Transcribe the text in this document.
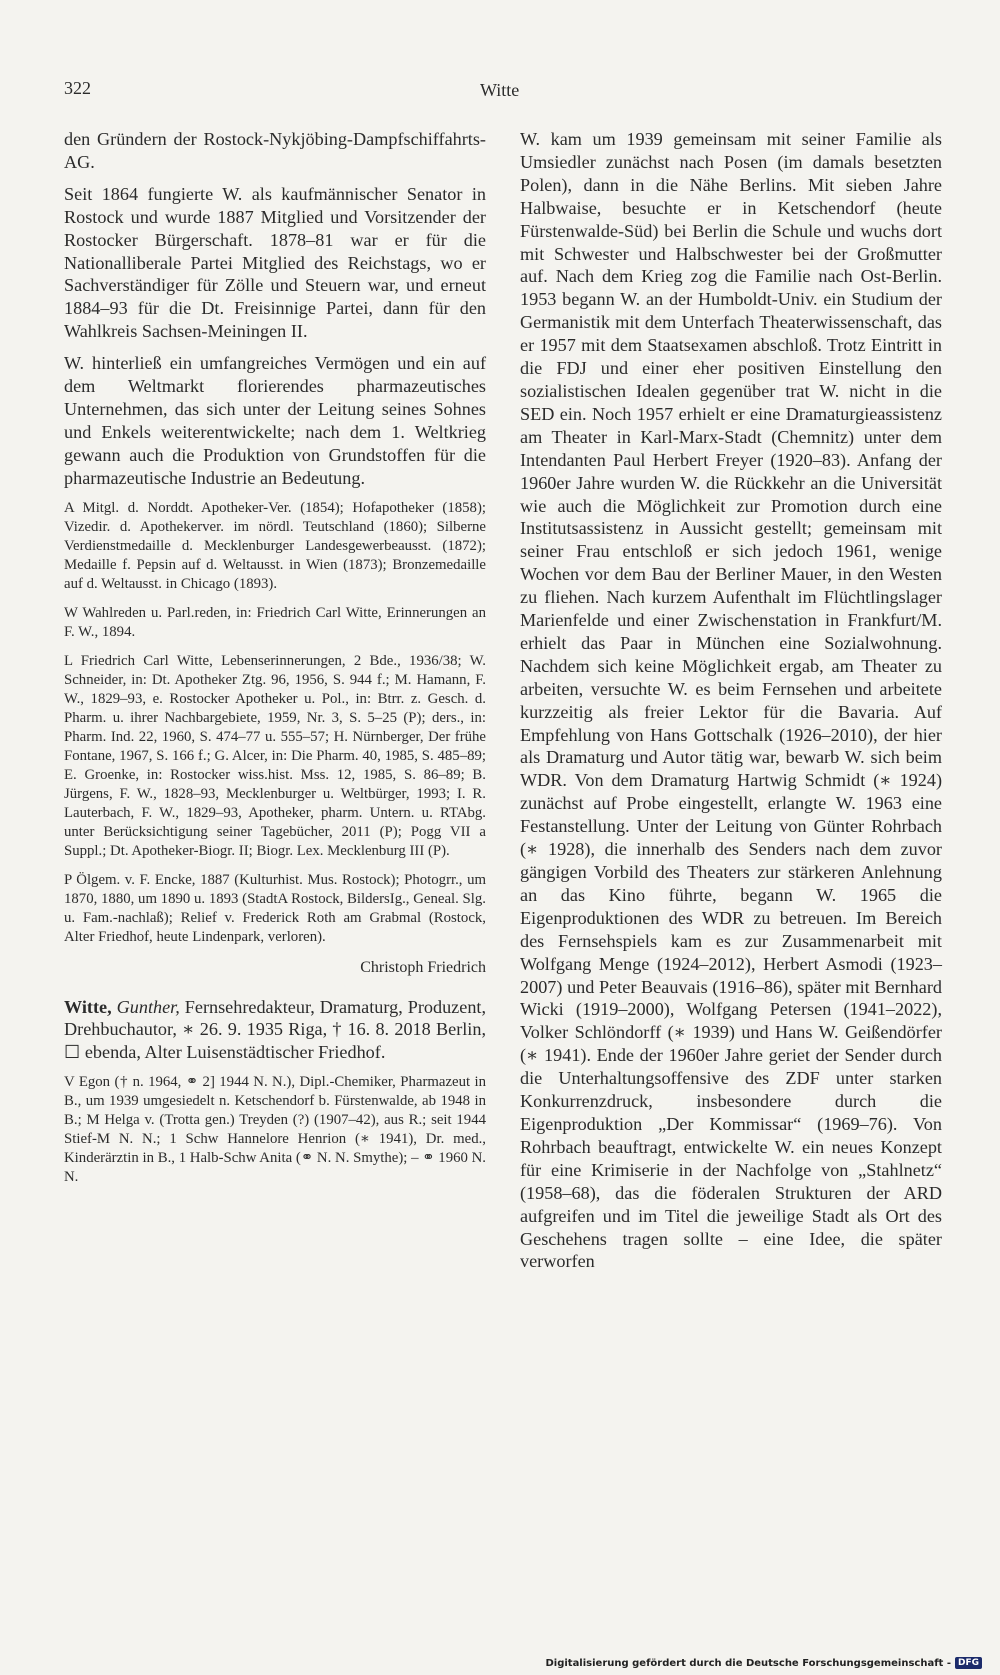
322	Witte

den Gründern der Rostock-Nykjöbing-Dampfschiffahrts-AG.

Seit 1864 fungierte W. als kaufmännischer Senator in Rostock und wurde 1887 Mitglied und Vorsitzender der Rostocker Bürgerschaft. 1878–81 war er für die Nationalliberale Partei Mitglied des Reichstags, wo er Sachverständiger für Zölle und Steuern war, und erneut 1884–93 für die Dt. Freisinnige Partei, dann für den Wahlkreis Sachsen-Meiningen II.

W. hinterließ ein umfangreiches Vermögen und ein auf dem Weltmarkt florierendes pharmazeutisches Unternehmen, das sich unter der Leitung seines Sohnes und Enkels weiterentwickelte; nach dem 1. Weltkrieg gewann auch die Produktion von Grundstoffen für die pharmazeutische Industrie an Bedeutung.

A Mitgl. d. Norddt. Apotheker-Ver. (1854); Hofapotheker (1858); Vizedir. d. Apothekerver. im nördl. Teutschland (1860); Silberne Verdienstmedaille d. Mecklenburger Landesgewerbeausst. (1872); Medaille f. Pepsin auf d. Weltausst. in Wien (1873); Bronzemedaille auf d. Weltausst. in Chicago (1893).

W Wahlreden u. Parl.reden, in: Friedrich Carl Witte, Erinnerungen an F. W., 1894.

L Friedrich Carl Witte, Lebenserinnerungen, 2 Bde., 1936/38; W. Schneider, in: Dt. Apotheker Ztg. 96, 1956, S. 944 f.; M. Hamann, F. W., 1829–93, e. Rostocker Apotheker u. Pol., in: Btrr. z. Gesch. d. Pharm. u. ihrer Nachbargebiete, 1959, Nr. 3, S. 5–25 (P); ders., in: Pharm. Ind. 22, 1960, S. 474–77 u. 555–57; H. Nürnberger, Der frühe Fontane, 1967, S. 166 f.; G. Alcer, in: Die Pharm. 40, 1985, S. 485–89; E. Groenke, in: Rostocker wiss.hist. Mss. 12, 1985, S. 86–89; B. Jürgens, F. W., 1828–93, Mecklenburger u. Weltbürger, 1993; I. R. Lauterbach, F. W., 1829–93, Apotheker, pharm. Untern. u. RTAbg. unter Berücksichtigung seiner Tagebücher, 2011 (P); Pogg VII a Suppl.; Dt. Apotheker-Biogr. II; Biogr. Lex. Mecklenburg III (P).

P Ölgem. v. F. Encke, 1887 (Kulturhist. Mus. Rostock); Photogrr., um 1870, 1880, um 1890 u. 1893 (StadtA Rostock, BildersIg., Geneal. Slg. u. Fam.-nachlaß); Relief v. Frederick Roth am Grabmal (Rostock, Alter Friedhof, heute Lindenpark, verloren).

Christoph Friedrich

Witte, Gunther, Fernsehredakteur, Dramaturg, Produzent, Drehbuchautor, ∗ 26. 9. 1935 Riga, † 16. 8. 2018 Berlin, ☐ ebenda, Alter Luisenstädtischer Friedhof.

V Egon († n. 1964, ⚭ 2] 1944 N. N.), Dipl.-Chemiker, Pharmazeut in B., um 1939 umgesiedelt n. Ketschendorf b. Fürstenwalde, ab 1948 in B.; M Helga v. (Trotta gen.) Treyden (?) (1907–42), aus R.; seit 1944 Stief-M N. N.; 1 Schw Hannelore Henrion (∗ 1941), Dr. med., Kinderärztin in B., 1 Halb-Schw Anita (⚭ N. N. Smythe); – ⚭ 1960 N. N.

W. kam um 1939 gemeinsam mit seiner Familie als Umsiedler zunächst nach Posen (im damals besetzten Polen), dann in die Nähe Berlins. Mit sieben Jahre Halbwaise, besuchte er in Ketschendorf (heute Fürstenwalde-Süd) bei Berlin die Schule und wuchs dort mit Schwester und Halbschwester bei der Großmutter auf. Nach dem Krieg zog die Familie nach Ost-Berlin. 1953 begann W. an der Humboldt-Univ. ein Studium der Germanistik mit dem Unterfach Theaterwissenschaft, das er 1957 mit dem Staatsexamen abschloß. Trotz Eintritt in die FDJ und einer eher positiven Einstellung den sozialistischen Idealen gegenüber trat W. nicht in die SED ein. Noch 1957 erhielt er eine Dramaturgieassistenz am Theater in Karl-Marx-Stadt (Chemnitz) unter dem Intendanten Paul Herbert Freyer (1920–83). Anfang der 1960er Jahre wurden W. die Rückkehr an die Universität wie auch die Möglichkeit zur Promotion durch eine Institutsassistenz in Aussicht gestellt; gemeinsam mit seiner Frau entschloß er sich jedoch 1961, wenige Wochen vor dem Bau der Berliner Mauer, in den Westen zu fliehen. Nach kurzem Aufenthalt im Flüchtlingslager Marienfelde und einer Zwischenstation in Frankfurt/M. erhielt das Paar in München eine Sozialwohnung. Nachdem sich keine Möglichkeit ergab, am Theater zu arbeiten, versuchte W. es beim Fernsehen und arbeitete kurzzeitig als freier Lektor für die Bavaria. Auf Empfehlung von Hans Gottschalk (1926–2010), der hier als Dramaturg und Autor tätig war, bewarb W. sich beim WDR. Von dem Dramaturg Hartwig Schmidt (∗ 1924) zunächst auf Probe eingestellt, erlangte W. 1963 eine Festanstellung. Unter der Leitung von Günter Rohrbach (∗ 1928), die innerhalb des Senders nach dem zuvor gängigen Vorbild des Theaters zur stärkeren Anlehnung an das Kino führte, begann W. 1965 die Eigenproduktionen des WDR zu betreuen. Im Bereich des Fernsehspiels kam es zur Zusammenarbeit mit Wolfgang Menge (1924–2012), Herbert Asmodi (1923–2007) und Peter Beauvais (1916–86), später mit Bernhard Wicki (1919–2000), Wolfgang Petersen (1941–2022), Volker Schlöndorff (∗ 1939) und Hans W. Geißendörfer (∗ 1941). Ende der 1960er Jahre geriet der Sender durch die Unterhaltungsoffensive des ZDF unter starken Konkurrenzdruck, insbesondere durch die Eigenproduktion „Der Kommissar“ (1969–76). Von Rohrbach beauftragt, entwickelte W. ein neues Konzept für eine Krimiserie in der Nachfolge von „Stahlnetz“ (1958–68), das die föderalen Strukturen der ARD aufgreifen und im Titel die jeweilige Stadt als Ort des Geschehens tragen sollte – eine Idee, die später verworfen

Digitalisierung gefördert durch die Deutsche Forschungsgemeinschaft - DFG
